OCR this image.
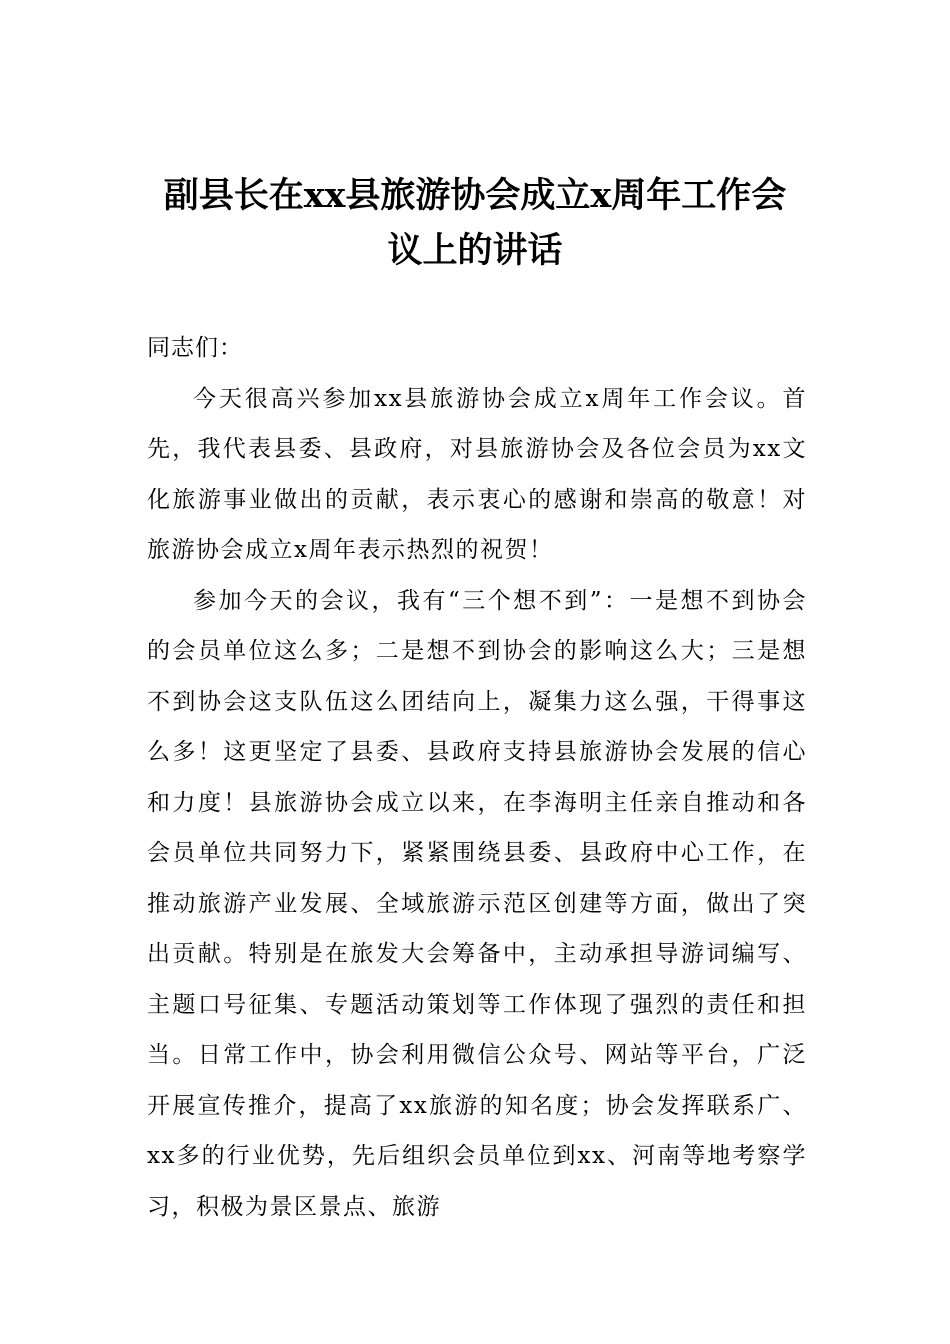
副县长在xx县旅游协会成立x周年工作会
议上的讲话

同志们：

今天很高兴参加xx县旅游协会成立x周年工作会议。首先，我代表县委、县政府，对县旅游协会及各位会员为xx文化旅游事业做出的贡献，表示衷心的感谢和崇高的敬意！对旅游协会成立x周年表示热烈的祝贺！

参加今天的会议，我有“三个想不到”：一是想不到协会的会员单位这么多；二是想不到协会的影响这么大；三是想不到协会这支队伍这么团结向上，凝集力这么强，干得事这么多！这更坚定了县委、县政府支持县旅游协会发展的信心和力度！县旅游协会成立以来，在李海明主任亲自推动和各会员单位共同努力下，紧紧围绕县委、县政府中心工作，在推动旅游产业发展、全域旅游示范区创建等方面，做出了突出贡献。特别是在旅发大会筹备中，主动承担导游词编写、主题口号征集、专题活动策划等工作体现了强烈的责任和担当。日常工作中，协会利用微信公众号、网站等平台，广泛开展宣传推介，提高了xx旅游的知名度；协会发挥联系广、xx多的行业优势，先后组织会员单位到xx、河南等地考察学习，积极为景区景点、旅游
